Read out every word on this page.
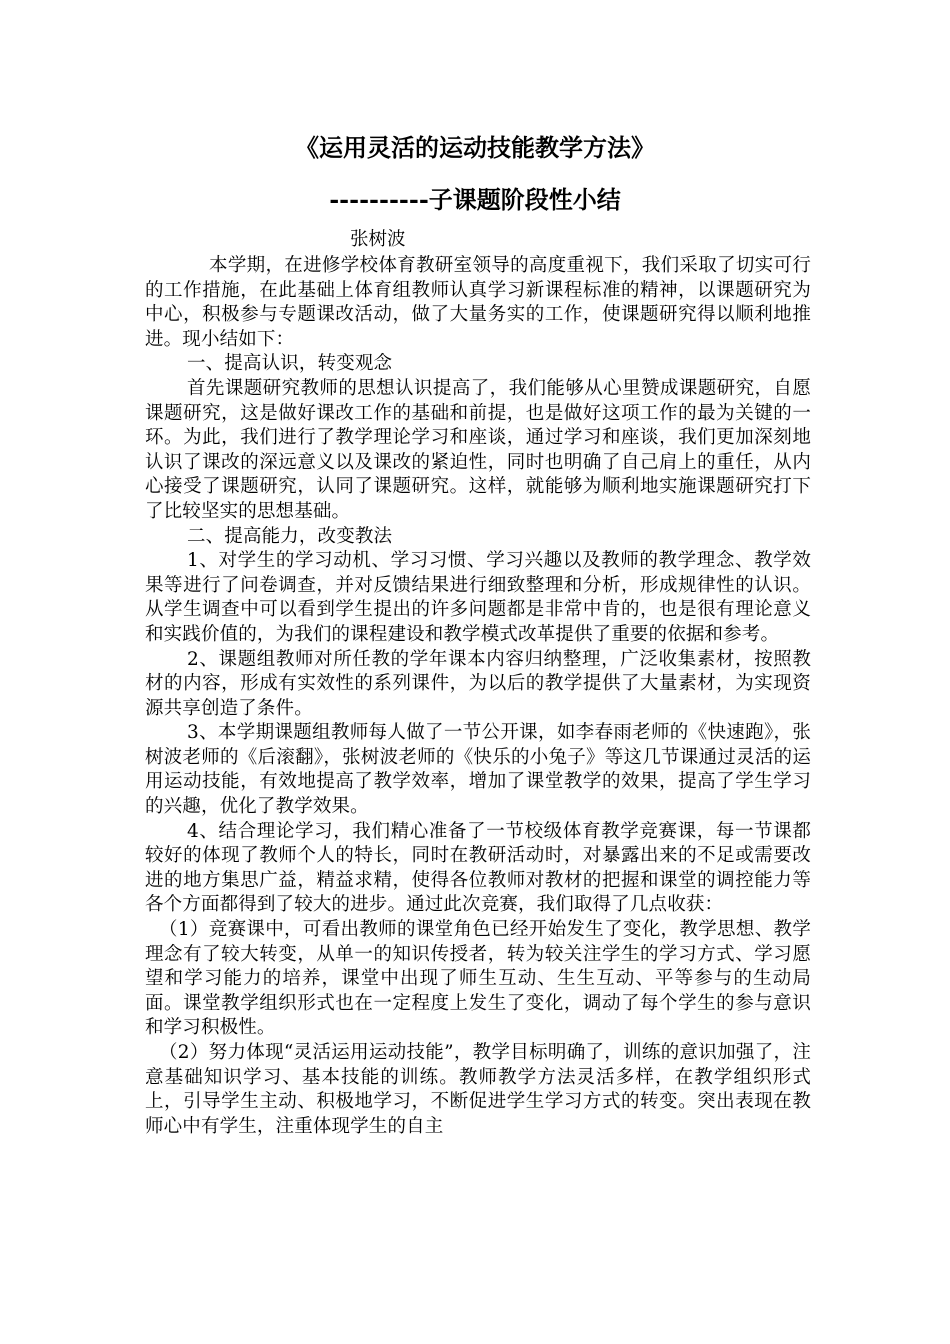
《运用灵活的运动技能教学方法》
----------子课题阶段性小结
张树波

本学期，在进修学校体育教研室领导的高度重视下，我们采取了切实可行的工作措施，在此基础上体育组教师认真学习新课程标准的精神，以课题研究为中心，积极参与专题课改活动，做了大量务实的工作，使课题研究得以顺利地推进。现小结如下：

一、提高认识，转变观念

首先课题研究教师的思想认识提高了，我们能够从心里赞成课题研究，自愿课题研究，这是做好课改工作的基础和前提，也是做好这项工作的最为关键的一环。为此，我们进行了教学理论学习和座谈，通过学习和座谈，我们更加深刻地认识了课改的深远意义以及课改的紧迫性，同时也明确了自己肩上的重任，从内心接受了课题研究，认同了课题研究。这样，就能够为顺利地实施课题研究打下了比较坚实的思想基础。

二、提高能力，改变教法

1、对学生的学习动机、学习习惯、学习兴趣以及教师的教学理念、教学效果等进行了问卷调查，并对反馈结果进行细致整理和分析，形成规律性的认识。从学生调查中可以看到学生提出的许多问题都是非常中肯的，也是很有理论意义和实践价值的，为我们的课程建设和教学模式改革提供了重要的依据和参考。

2、课题组教师对所任教的学年课本内容归纳整理，广泛收集素材，按照教材的内容，形成有实效性的系列课件，为以后的教学提供了大量素材，为实现资源共享创造了条件。

3、本学期课题组教师每人做了一节公开课，如李春雨老师的《快速跑》，张树波老师的《后滚翻》，张树波老师的《快乐的小兔子》等这几节课通过灵活的运用运动技能，有效地提高了教学效率，增加了课堂教学的效果，提高了学生学习的兴趣，优化了教学效果。

4、结合理论学习，我们精心准备了一节校级体育教学竞赛课，每一节课都较好的体现了教师个人的特长，同时在教研活动时，对暴露出来的不足或需要改进的地方集思广益，精益求精，使得各位教师对教材的把握和课堂的调控能力等各个方面都得到了较大的进步。通过此次竞赛，我们取得了几点收获：

（1）竞赛课中，可看出教师的课堂角色已经开始发生了变化，教学思想、教学理念有了较大转变，从单一的知识传授者，转为较关注学生的学习方式、学习愿望和学习能力的培养，课堂中出现了师生互动、生生互动、平等参与的生动局面。课堂教学组织形式也在一定程度上发生了变化，调动了每个学生的参与意识和学习积极性。

（2）努力体现“灵活运用运动技能”，教学目标明确了，训练的意识加强了，注意基础知识学习、基本技能的训练。教师教学方法灵活多样，在教学组织形式上，引导学生主动、积极地学习，不断促进学生学习方式的转变。突出表现在教师心中有学生，注重体现学生的自主
